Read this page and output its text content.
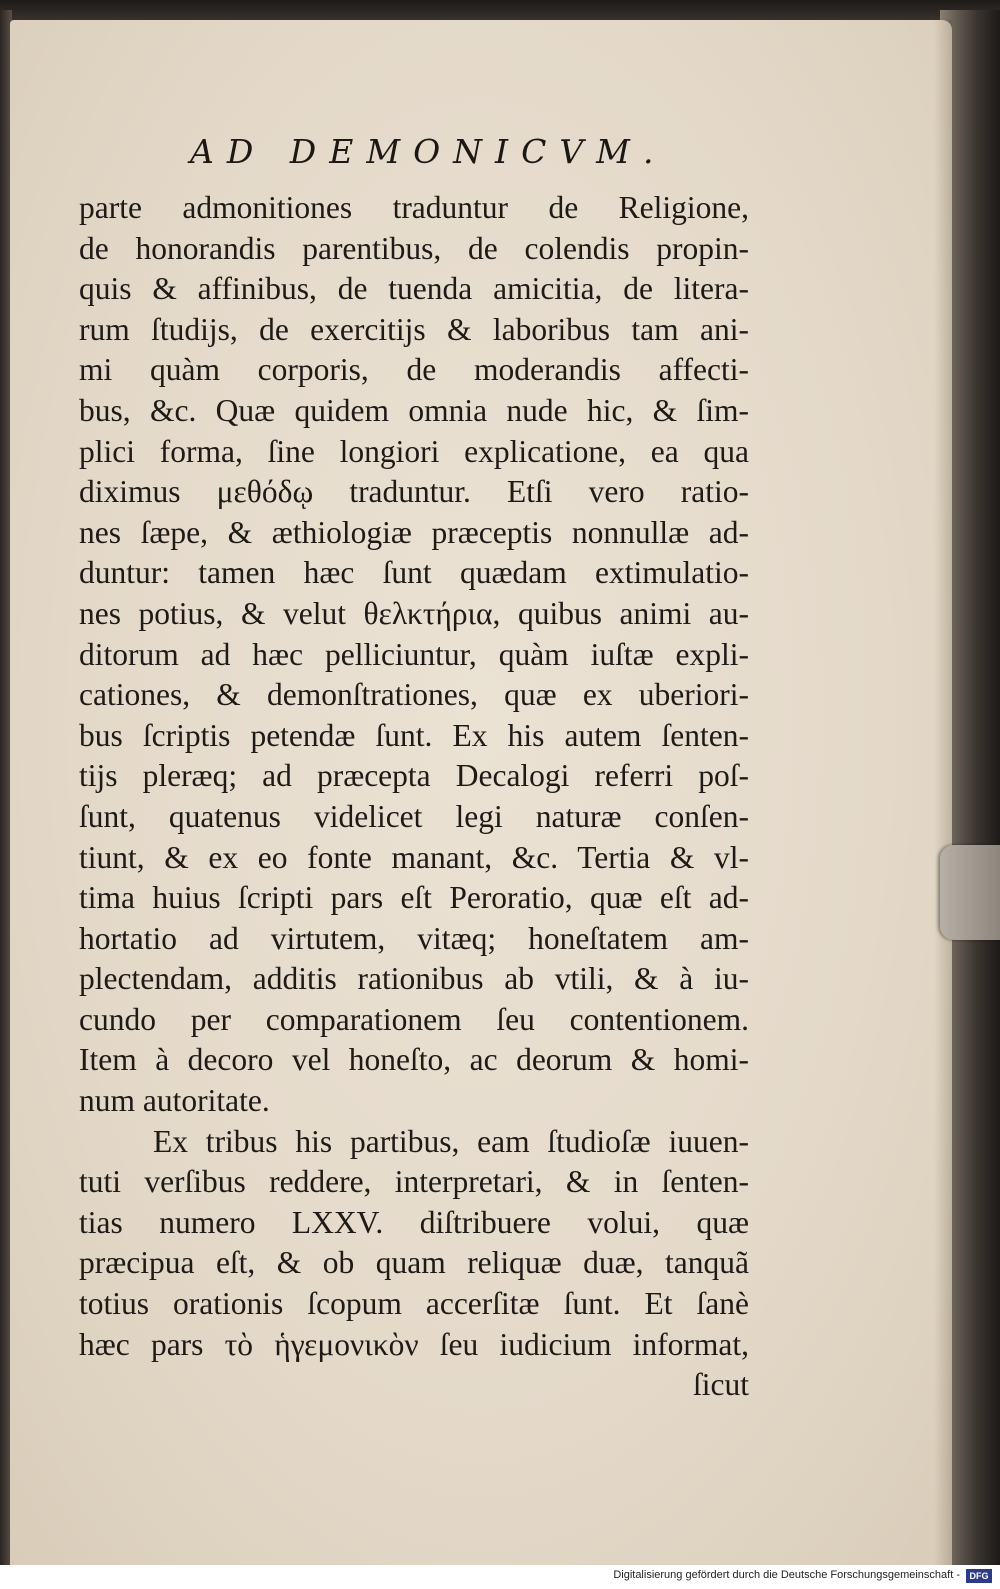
AD DEMONICVM.
parte admonitiones traduntur de Religione,
de honorandis parentibus, de colendis propin-
quis & affinibus, de tuenda amicitia, de litera-
rum ſtudijs, de exercitijs & laboribus tam ani-
mi quàm corporis, de moderandis affecti-
bus, &c. Quæ quidem omnia nude hic, & ſim-
plici forma, ſine longiori explicatione, ea qua
diximus μεθόδῳ traduntur. Etſi vero ratio-
nes ſæpe, & æthiologiæ præceptis nonnullæ ad-
duntur: tamen hæc ſunt quædam extimulatio-
nes potius, & velut θελκτήρια, quibus animi au-
ditorum ad hæc pelliciuntur, quàm iuſtæ expli-
cationes, & demonſtrationes, quæ ex uberiori-
bus ſcriptis petendæ ſunt. Ex his autem ſenten-
tijs pleræq; ad præcepta Decalogi referri poſ-
ſunt, quatenus videlicet legi naturæ conſen-
tiunt, & ex eo fonte manant, &c. Tertia & vl-
tima huius ſcripti pars eſt Peroratio, quæ eſt ad-
hortatio ad virtutem, vitæq; honeſtatem am-
plectendam, additis rationibus ab vtili, & à iu-
cundo per comparationem ſeu contentionem.
Item à decoro vel honeſto, ac deorum & homi-
num autoritate.
Ex tribus his partibus, eam ſtudioſæ iuuen-
tuti verſibus reddere, interpretari, & in ſenten-
tias numero LXXV. diſtribuere volui, quæ
præcipua eſt, & ob quam reliquæ duæ, tanquã
totius orationis ſcopum accerſitæ ſunt. Et ſanè
hæc pars τὸ ἡγεμονικὸν ſeu iudicium informat,
ſicut
Digitalisierung gefördert durch die Deutsche Forschungsgemeinschaft -	DFG
